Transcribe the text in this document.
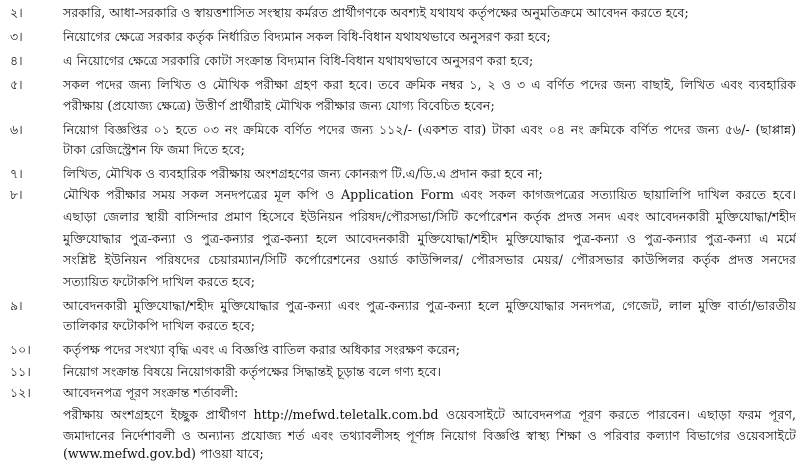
২।	সরকারি, আধা-সরকারি ও স্বায়ত্তশাসিত সংস্থায় কর্মরত প্রার্থীগণকে অবশ্যই যথাযথ কর্তৃপক্ষের অনুমতিক্রমে আবেদন করতে হবে;
৩।	নিয়োগের ক্ষেত্রে সরকার কর্তৃক নির্ধারিত বিদ্যমান সকল বিধি-বিধান যথাযথভাবে অনুসরণ করা হবে;
৪।	এ নিয়োগের ক্ষেত্রে সরকারি কোটা সংক্রান্ত বিদ্যমান বিধি-বিধান যথাযথভাবে অনুসরণ করা হবে;
৫।	সকল পদের জন্য লিখিত ও মৌখিক পরীক্ষা গ্রহণ করা হবে। তবে ক্রমিক নম্বর ১, ২ ও ৩ এ বর্ণিত পদের জন্য বাছাই, লিখিত এবং ব্যবহারিক
পরীক্ষায় (প্রযোজ্য ক্ষেত্রে) উত্তীর্ণ প্রার্থীরাই মৌখিক পরীক্ষার জন্য যোগ্য বিবেচিত হবেন;
৬।	নিয়োগ বিজ্ঞপ্তির ০১ হতে ০৩ নং ক্রমিকে বর্ণিত পদের জন্য ১১২/- (একশত বার) টাকা এবং ০৪ নং ক্রমিকে বর্ণিত পদের জন্য ৫৬/- (ছাপ্পান্ন)
টাকা রেজিস্ট্রেশন ফি জমা দিতে হবে;
৭।	লিখিত, মৌখিক ও ব্যবহারিক পরীক্ষায় অংশগ্রহণের জন্য কোনরূপ টি.এ/ডি.এ প্রদান করা হবে না;
৮।	মৌখিক পরীক্ষার সময় সকল সনদপত্রের মূল কপি ও Application Form এবং সকল কাগজপত্রের সত্যায়িত ছায়ালিপি দাখিল করতে হবে।
এছাড়া জেলার স্থায়ী বাসিন্দার প্রমাণ হিসেবে ইউনিয়ন পরিষদ/পৌরসভা/সিটি কর্পোরেশন কর্তৃক প্রদত্ত সনদ এবং আবেদনকারী মুক্তিযোদ্ধা/শহীদ
মুক্তিযোদ্ধার পুত্র-কন্যা ও পুত্র-কন্যার পুত্র-কন্যা হলে আবেদনকারী মুক্তিযোদ্ধা/শহীদ মুক্তিযোদ্ধার পুত্র-কন্যা ও পুত্র-কন্যার পুত্র-কন্যা এ মর্মে
সংশ্লিষ্ট ইউনিয়ন পরিষদের চেয়ারম্যান/সিটি কর্পোরেশনের ওয়ার্ড কাউন্সিলর/ পৌরসভার মেয়র/ পৌরসভার কাউন্সিলর কর্তৃক প্রদত্ত সনদের
সত্যায়িত ফটোকপি দাখিল করতে হবে;
৯।	আবেদনকারী মুক্তিযোদ্ধা/শহীদ মুক্তিযোদ্ধার পুত্র-কন্যা এবং পুত্র-কন্যার পুত্র-কন্যা হলে মুক্তিযোদ্ধার সনদপত্র, গেজেট, লাল মুক্তি বার্তা/ভারতীয়
তালিকার ফটোকপি দাখিল করতে হবে;
১০।	কর্তৃপক্ষ পদের সংখ্যা বৃদ্ধি এবং এ বিজ্ঞপ্তি বাতিল করার অধিকার সংরক্ষণ করেন;
১১।	নিয়োগ সংক্রান্ত বিষয়ে নিয়োগকারী কর্তৃপক্ষের সিদ্ধান্তই চূড়ান্ত বলে গণ্য হবে।
১২।	আবেদনপত্র পূরণ সংক্রান্ত শর্তাবলী:
পরীক্ষায় অংশগ্রহণে ইচ্ছুক প্রার্থীগণ http://mefwd.teletalk.com.bd ওয়েবসাইটে আবেদনপত্র পূরণ করতে পারবেন। এছাড়া ফরম পূরণ,
জমাদানের নির্দেশাবলী ও অন্যান্য প্রযোজ্য শর্ত এবং তথ্যাবলীসহ পূর্ণাঙ্গ নিয়োগ বিজ্ঞপ্তি স্বাস্থ্য শিক্ষা ও পরিবার কল্যাণ বিভাগের ওয়েবসাইটে
(www.mefwd.gov.bd) পাওয়া যাবে;
